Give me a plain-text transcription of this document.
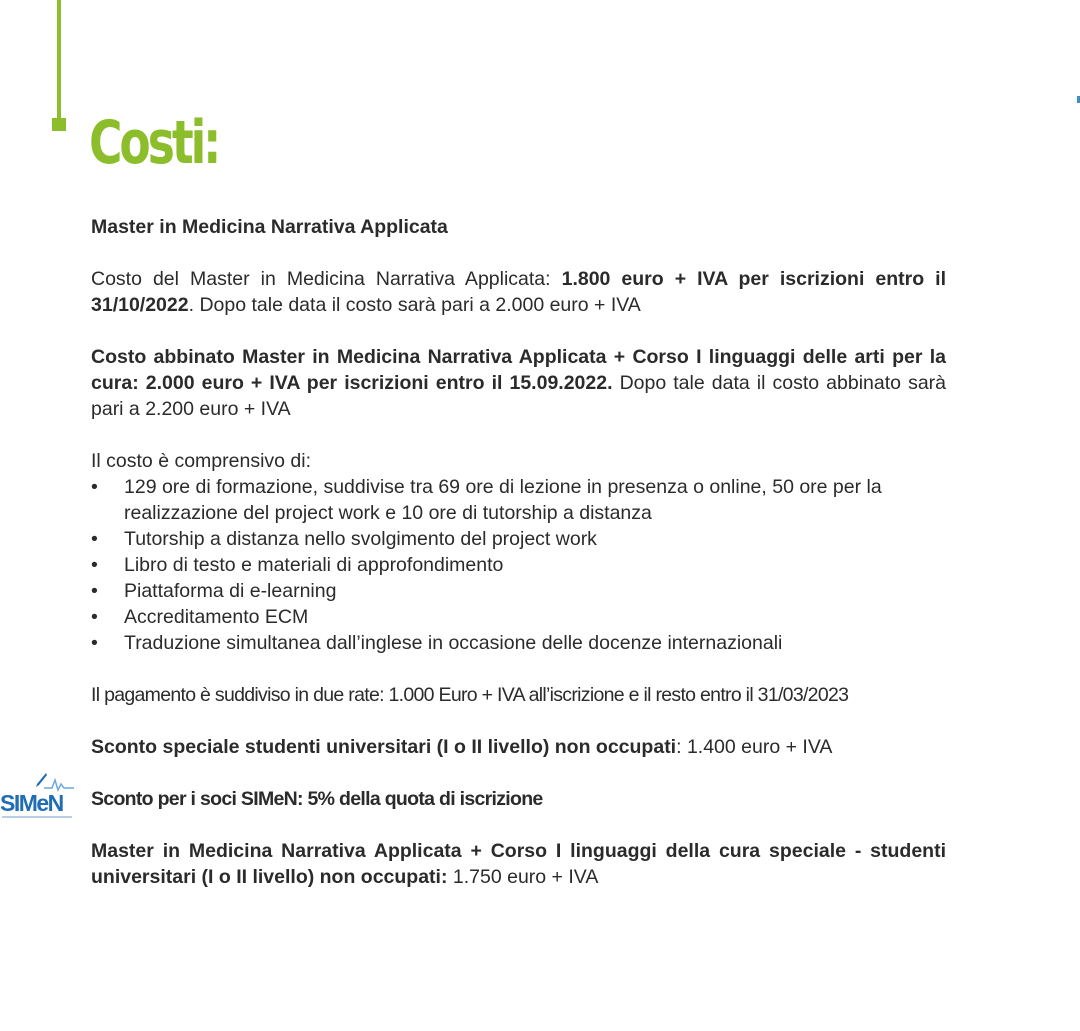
Costi:

Master in Medicina Narrativa Applicata

Costo del Master in Medicina Narrativa Applicata: 1.800 euro + IVA per iscrizioni entro il 31/10/2022. Dopo tale data il costo sarà pari a 2.000 euro + IVA

Costo abbinato Master in Medicina Narrativa Applicata + Corso I linguaggi delle arti per la cura: 2.000 euro + IVA per iscrizioni entro il 15.09.2022. Dopo tale data il costo abbinato sarà pari a 2.200 euro + IVA

Il costo è comprensivo di:

• 129 ore di formazione, suddivise tra 69 ore di lezione in presenza o online, 50 ore per la realizzazione del project work e 10 ore di tutorship a distanza
• Tutorship a distanza nello svolgimento del project work
• Libro di testo e materiali di approfondimento
• Piattaforma di e-learning
• Accreditamento ECM
• Traduzione simultanea dall’inglese in occasione delle docenze internazionali

Il pagamento è suddiviso in due rate: 1.000 Euro + IVA all’iscrizione e il resto entro il 31/03/2023

Sconto speciale studenti universitari (I o II livello) non occupati: 1.400 euro + IVA

SIMeN Sconto per i soci SIMeN: 5% della quota di iscrizione

Master in Medicina Narrativa Applicata + Corso I linguaggi della cura speciale - studenti universitari (I o II livello) non occupati: 1.750 euro + IVA
